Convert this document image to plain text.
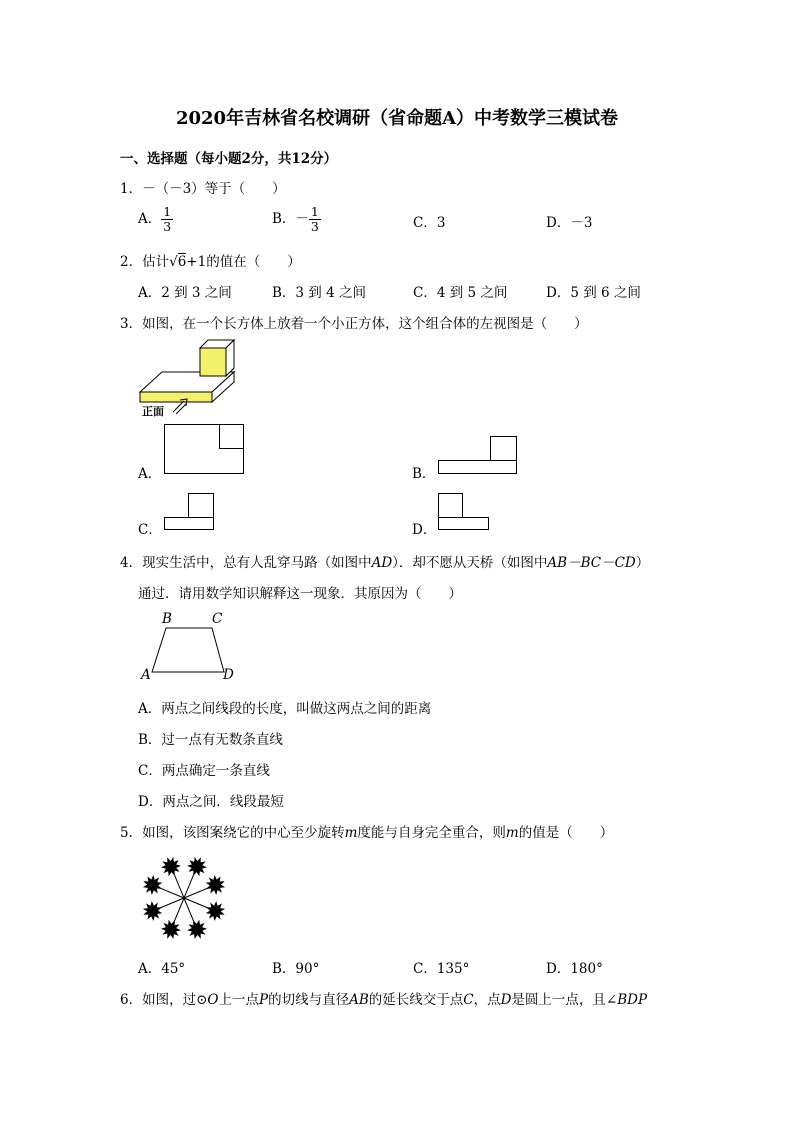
2020年吉林省名校调研（省命题A）中考数学三模试卷
一、选择题（每小题2分，共12分）
1．－（－3）等于（　　）
A． $\frac{1}{3}$	B．－ $\frac{1}{3}$	C．3	D．－3
2．估计√6+1的值在（　　）
A．2 到 3 之间	B．3 到 4 之间	C．4 到 5 之间	D．5 到 6 之间
3．如图，在一个长方体上放着一个小正方体，这个组合体的左视图是（　　）
正面
A．	B．
C．	D．
4．现实生活中，总有人乱穿马路（如图中AD）．却不愿从天桥（如图中AB－BC－CD）
通过．请用数学知识解释这一现象．其原因为（　　）
B	C
A	D
A．两点之间线段的长度，叫做这两点之间的距离
B．过一点有无数条直线
C．两点确定一条直线
D．两点之间．线段最短
5．如图，该图案绕它的中心至少旋转m度能与自身完全重合，则m的值是（　　）
A．45°	B．90°	C．135°	D．180°
6．如图，过⊙O上一点P的切线与直径AB的延长线交于点C，点D是圆上一点，且∠BDP
